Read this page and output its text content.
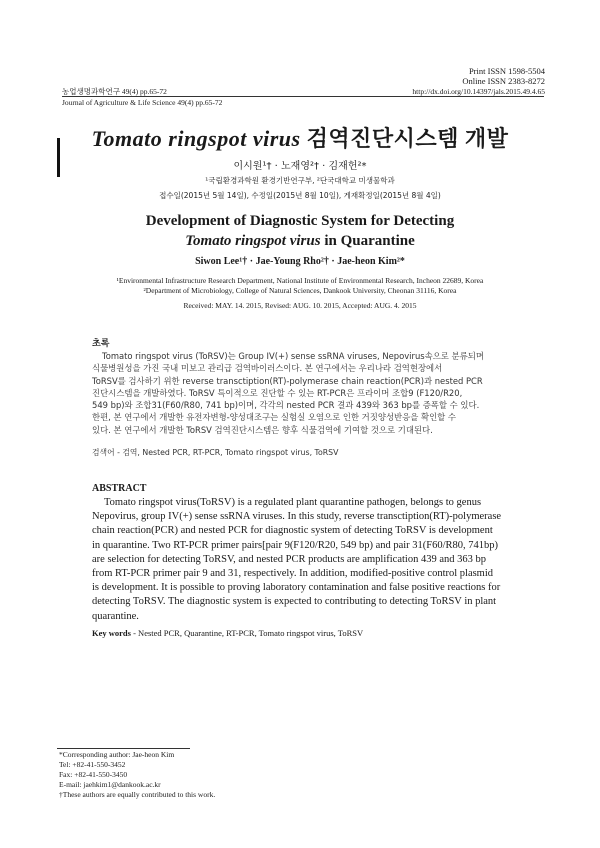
Print ISSN 1598-5504
Online ISSN 2383-8272
농업생명과학연구 49(4) pp.65-72	http://dx.doi.org/10.14397/jals.2015.49.4.65
Journal of Agriculture & Life Science 49(4) pp.65-72
Tomato ringspot virus 검역진단시스템 개발
이시원¹† · 노재영²† · 김재헌²*
¹국립환경과학원 환경기반연구부, ²단국대학교 미생물학과
접수일(2015년 5월 14일), 수정일(2015년 8월 10일), 게재확정일(2015년 8월 4일)
Development of Diagnostic System for Detecting
Tomato ringspot virus in Quarantine
Siwon Lee¹† · Jae-Young Rho²† · Jae-heon Kim²*
¹Environmental Infrastructure Research Department, National Institute of Environmental Research, Incheon 22689, Korea
²Department of Microbiology, College of Natural Sciences, Dankook University, Cheonan 31116, Korea
Received: MAY. 14. 2015, Revised: AUG. 10. 2015, Accepted: AUG. 4. 2015
초록
Tomato ringspot virus (ToRSV)는 Group IV(+) sense ssRNA viruses, Nepovirus속으로 분류되며
식물병원성을 가진 국내 미보고 관리급 검역바이러스이다. 본 연구에서는 우리나라 검역현장에서
ToRSV를 검사하기 위한 reverse transctiption(RT)-polymerase chain reaction(PCR)과 nested PCR
진단시스템을 개발하였다. ToRSV 특이적으로 진단할 수 있는 RT-PCR은 프라이머 조합9 (F120/R20,
549 bp)와 조합31(F60/R80, 741 bp)이며, 각각의 nested PCR 결과 439와 363 bp를 증폭할 수 있다.
한편, 본 연구에서 개발한 유전자변형-양성대조구는 실험실 오염으로 인한 거짓양성반응을 확인할 수
있다. 본 연구에서 개발한 ToRSV 검역진단시스템은 향후 식물검역에 기여할 것으로 기대된다.
검색어 - 검역, Nested PCR, RT-PCR, Tomato ringspot virus, ToRSV
ABSTRACT
Tomato ringspot virus(ToRSV) is a regulated plant quarantine pathogen, belongs to genus
Nepovirus, group IV(+) sense ssRNA viruses. In this study, reverse transctiption(RT)-polymerase
chain reaction(PCR) and nested PCR for diagnostic system of detecting ToRSV is development
in quarantine. Two RT-PCR primer pairs[pair 9(F120/R20, 549 bp) and pair 31(F60/R80, 741bp)
are selection for detecting ToRSV, and nested PCR products are amplification 439 and 363 bp
from RT-PCR primer pair 9 and 31, respectively. In addition, modified-positive control plasmid
is development. It is possible to proving laboratory contamination and false positive reactions for
detecting ToRSV. The diagnostic system is expected to contributing to detecting ToRSV in plant
quarantine.
Key words - Nested PCR, Quarantine, RT-PCR, Tomato ringspot virus, ToRSV
*Corresponding author: Jae-heon Kim
Tel: +82-41-550-3452
Fax: +82-41-550-3450
E-mail: jaehkim1@dankook.ac.kr
†These authors are equally contributed to this work.
